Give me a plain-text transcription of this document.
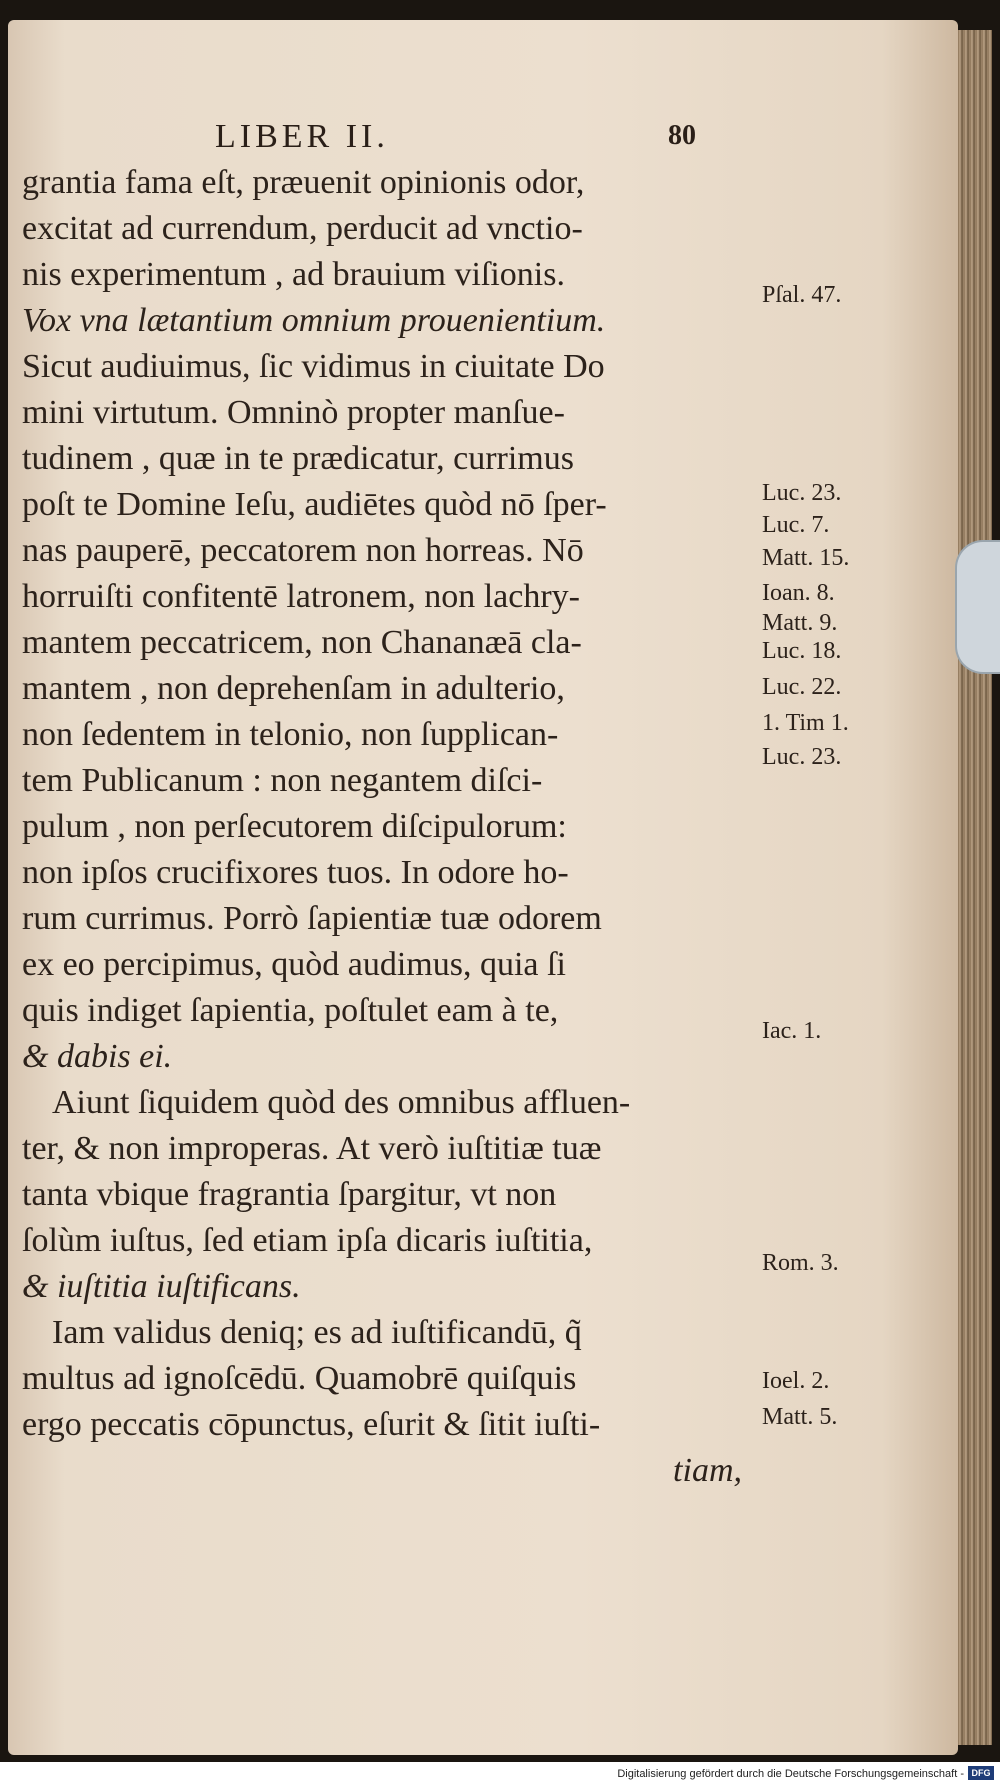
LIBER II.	80
grantia fama eſt, præuenit opinionis odor,
excitat ad currendum, perducit ad vnctio-
nis experimentum , ad brauium viſionis.
Vox vna lætantium omnium prouenientium.
Sicut audiuimus, ſic vidimus in ciuitate Do
mini virtutum. Omninò propter manſue-
tudinem , quæ in te prædicatur, currimus
poſt te Domine Ieſu, audiētes quòd nō ſper-
nas pauperē, peccatorem non horreas. Nō
horruiſti confitentē latronem, non lachry-
mantem peccatricem, non Chananæā cla-
mantem , non deprehenſam in adulterio,
non ſedentem in telonio, non ſupplican-
tem Publicanum : non negantem diſci-
pulum , non perſecutorem diſcipulorum:
non ipſos crucifixores tuos. In odore ho-
rum currimus. Porrò ſapientiæ tuæ odorem
ex eo percipimus, quòd audimus, quia ſi
quis indiget ſapientia, poſtulet eam à te,
& dabis ei.
Aiunt ſiquidem quòd des omnibus affluen-
ter, & non improperas. At verò iuſtitiæ tuæ
tanta vbique fragrantia ſpargitur, vt non
ſolùm iuſtus, ſed etiam ipſa dicaris iuſtitia,
& iuſtitia iuſtificans.
Iam validus deniq; es ad iuſtificandū, q̃
multus ad ignoſcēdū. Quamobrē quiſquis
ergo peccatis cōpunctus, eſurit & ſitit iuſti-
tiam,
Pſal. 47.
Luc. 23.
Luc. 7.
Matt. 15.
Ioan. 8.
Matt. 9.
Luc. 18.
Luc. 22.
1. Tim 1.
Luc. 23.
Iac. 1.
Rom. 3.
Ioel. 2.
Matt. 5.
Digitalisierung gefördert durch die Deutsche Forschungsgemeinschaft - DFG
